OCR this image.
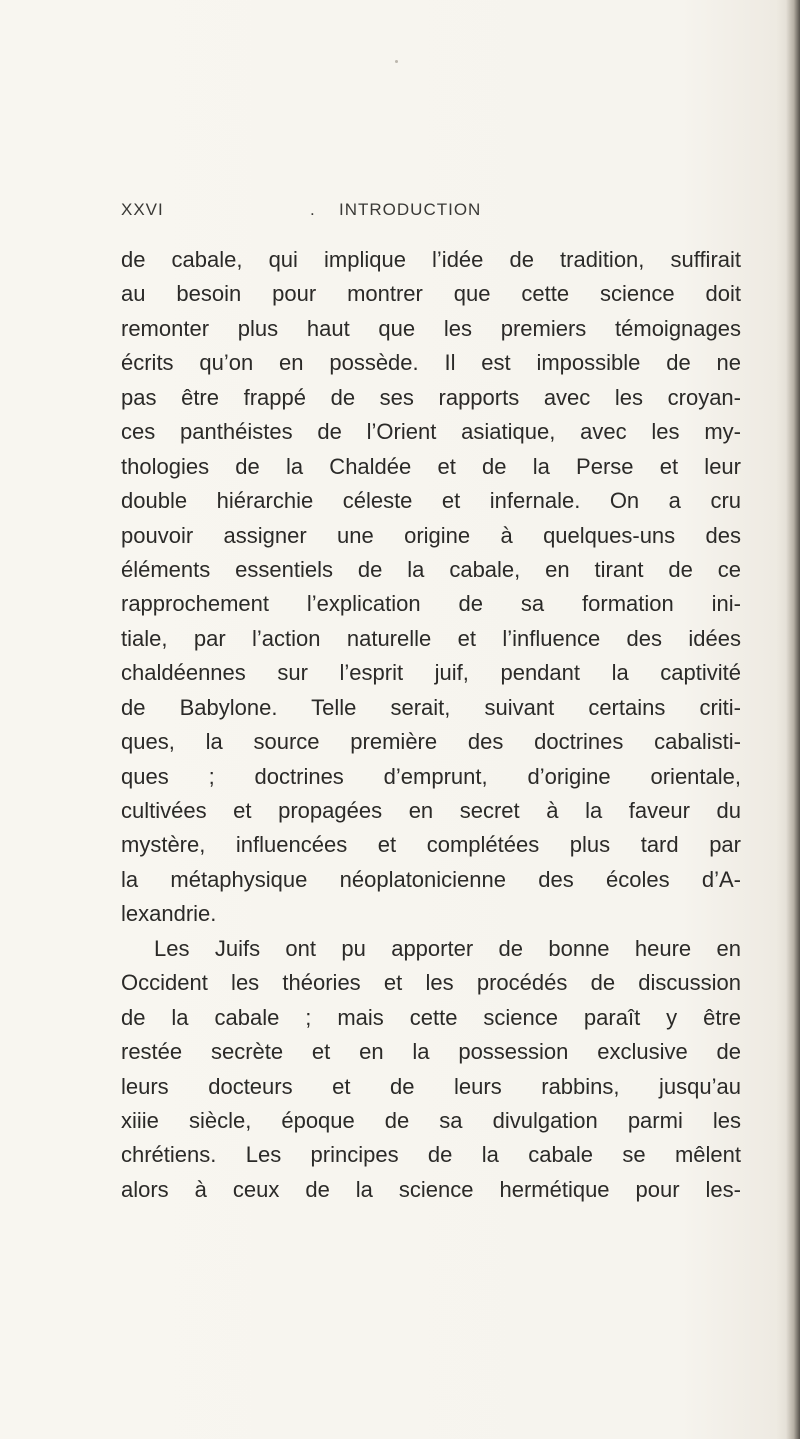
XXVI	. INTRODUCTION
de cabale, qui implique l’idée de tradition, suffirait
au besoin pour montrer que cette science doit
remonter plus haut que les premiers témoignages
écrits qu’on en possède. Il est impossible de ne
pas être frappé de ses rapports avec les croyan-
ces panthéistes de l’Orient asiatique, avec les my-
thologies de la Chaldée et de la Perse et leur
double hiérarchie céleste et infernale. On a cru
pouvoir assigner une origine à quelques-uns des
éléments essentiels de la cabale, en tirant de ce
rapprochement l’explication de sa formation ini-
tiale, par l’action naturelle et l’influence des idées
chaldéennes sur l’esprit juif, pendant la captivité
de Babylone. Telle serait, suivant certains criti-
ques, la source première des doctrines cabalisti-
ques ; doctrines d’emprunt, d’origine orientale,
cultivées et propagées en secret à la faveur du
mystère, influencées et complétées plus tard par
la métaphysique néoplatonicienne des écoles d’A-
lexandrie.
Les Juifs ont pu apporter de bonne heure en
Occident les théories et les procédés de discussion
de la cabale ; mais cette science paraît y être
restée secrète et en la possession exclusive de
leurs docteurs et de leurs rabbins, jusqu’au
xiiie siècle, époque de sa divulgation parmi les
chrétiens. Les principes de la cabale se mêlent
alors à ceux de la science hermétique pour les-
